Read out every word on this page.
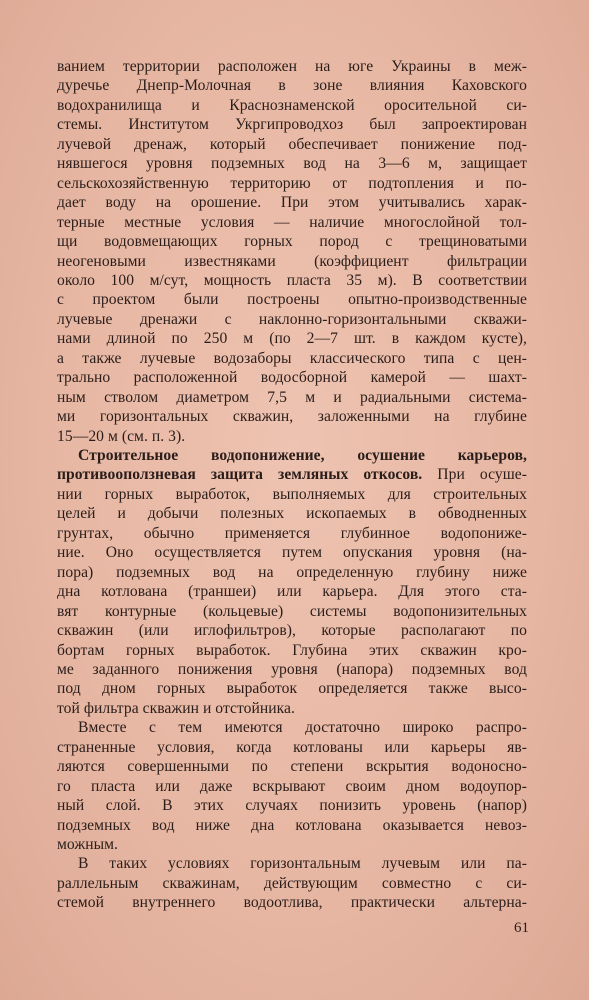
ванием территории расположен на юге Украины в меж-
дуречье Днепр-Молочная в зоне влияния Каховского
водохранилища и Краснознаменской оросительной си-
стемы. Институтом Укргипроводхоз был запроектирован
лучевой дренаж, который обеспечивает понижение под-
нявшегося уровня подземных вод на 3—6 м, защищает
сельскохозяйственную территорию от подтопления и по-
дает воду на орошение. При этом учитывались харак-
терные местные условия — наличие многослойной тол-
щи водовмещающих горных пород с трещиноватыми
неогеновыми известняками (коэффициент фильтрации
около 100 м/сут, мощность пласта 35 м). В соответствии
с проектом были построены опытно-производственные
лучевые дренажи с наклонно-горизонтальными скважи-
нами длиной по 250 м (по 2—7 шт. в каждом кусте),
а также лучевые водозаборы классического типа с цен-
трально расположенной водосборной камерой — шахт-
ным стволом диаметром 7,5 м и радиальными система-
ми горизонтальных скважин, заложенными на глубине
15—20 м (см. п. 3).
Строительное водопонижение, осушение карьеров,
противооползневая защита земляных откосов. При осуше-
нии горных выработок, выполняемых для строительных
целей и добычи полезных ископаемых в обводненных
грунтах, обычно применяется глубинное водопониже-
ние. Оно осуществляется путем опускания уровня (на-
пора) подземных вод на определенную глубину ниже
дна котлована (траншеи) или карьера. Для этого ста-
вят контурные (кольцевые) системы водопонизительных
скважин (или иглофильтров), которые располагают по
бортам горных выработок. Глубина этих скважин кро-
ме заданного понижения уровня (напора) подземных вод
под дном горных выработок определяется также высо-
той фильтра скважин и отстойника.
Вместе с тем имеются достаточно широко распро-
страненные условия, когда котлованы или карьеры яв-
ляются совершенными по степени вскрытия водоносно-
го пласта или даже вскрывают своим дном водоупор-
ный слой. В этих случаях понизить уровень (напор)
подземных вод ниже дна котлована оказывается невоз-
можным.
В таких условиях горизонтальным лучевым или па-
раллельным скважинам, действующим совместно с си-
стемой внутреннего водоотлива, практически альтерна-
61
